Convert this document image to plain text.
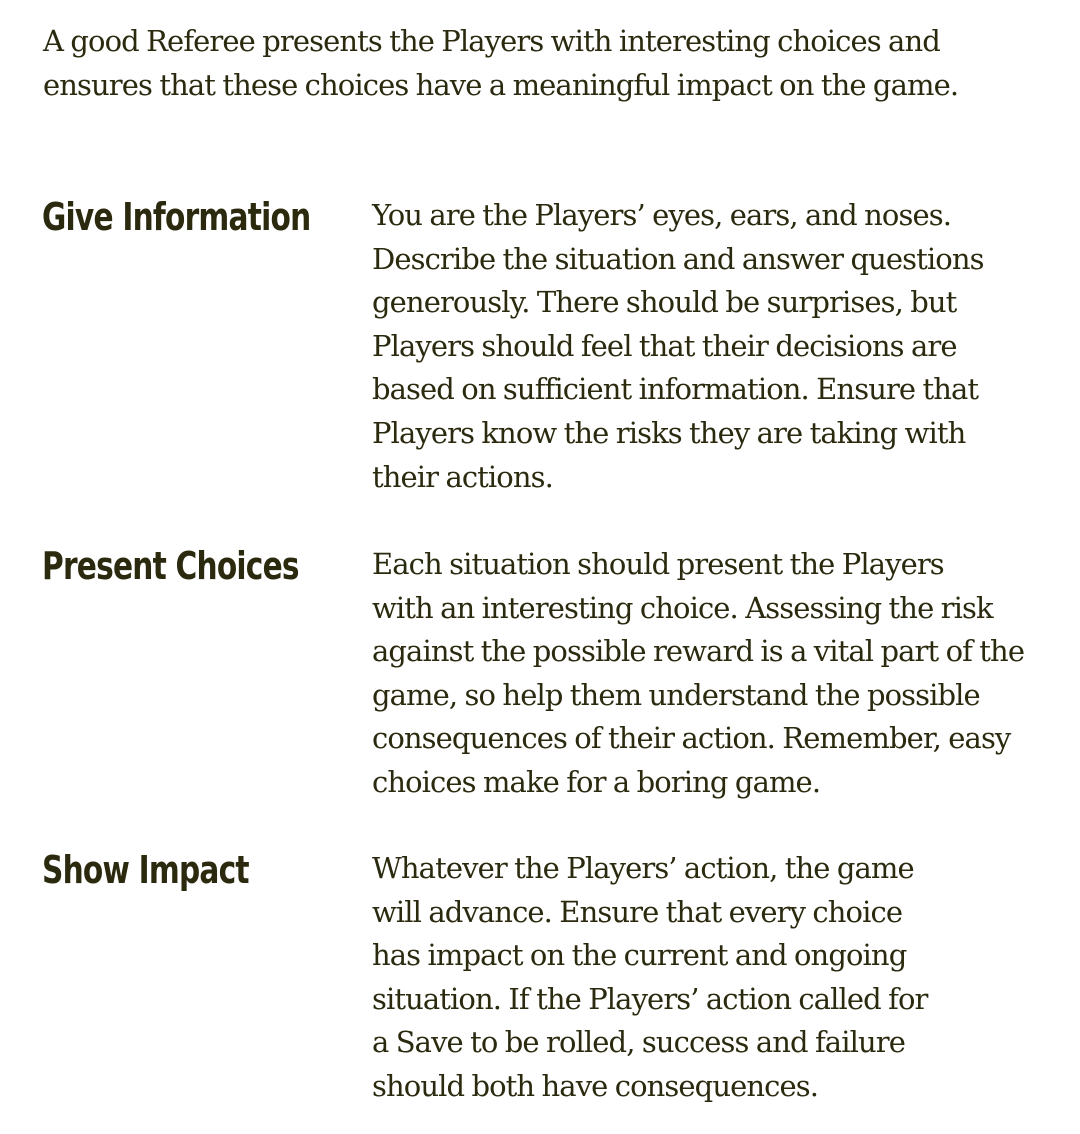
A good Referee presents the Players with interesting choices and
ensures that these choices have a meaningful impact on the game.

Give Information You are the Players’ eyes, ears, and noses.
Describe the situation and answer questions
generously. There should be surprises, but
Players should feel that their decisions are
based on sufficient information. Ensure that
Players know the risks they are taking with
their actions.

Present Choices	Each situation should present the Players
with an interesting choice. Assessing the risk
against the possible reward is a vital part of the
game, so help them understand the possible
consequences of their action. Remember, easy
choices make for a boring game.

Show Impact	Whatever the Players’ action, the game
will advance. Ensure that every choice
has impact on the current and ongoing
situation. If the Players’ action called for
a Save to be rolled, success and failure
should both have consequences.
